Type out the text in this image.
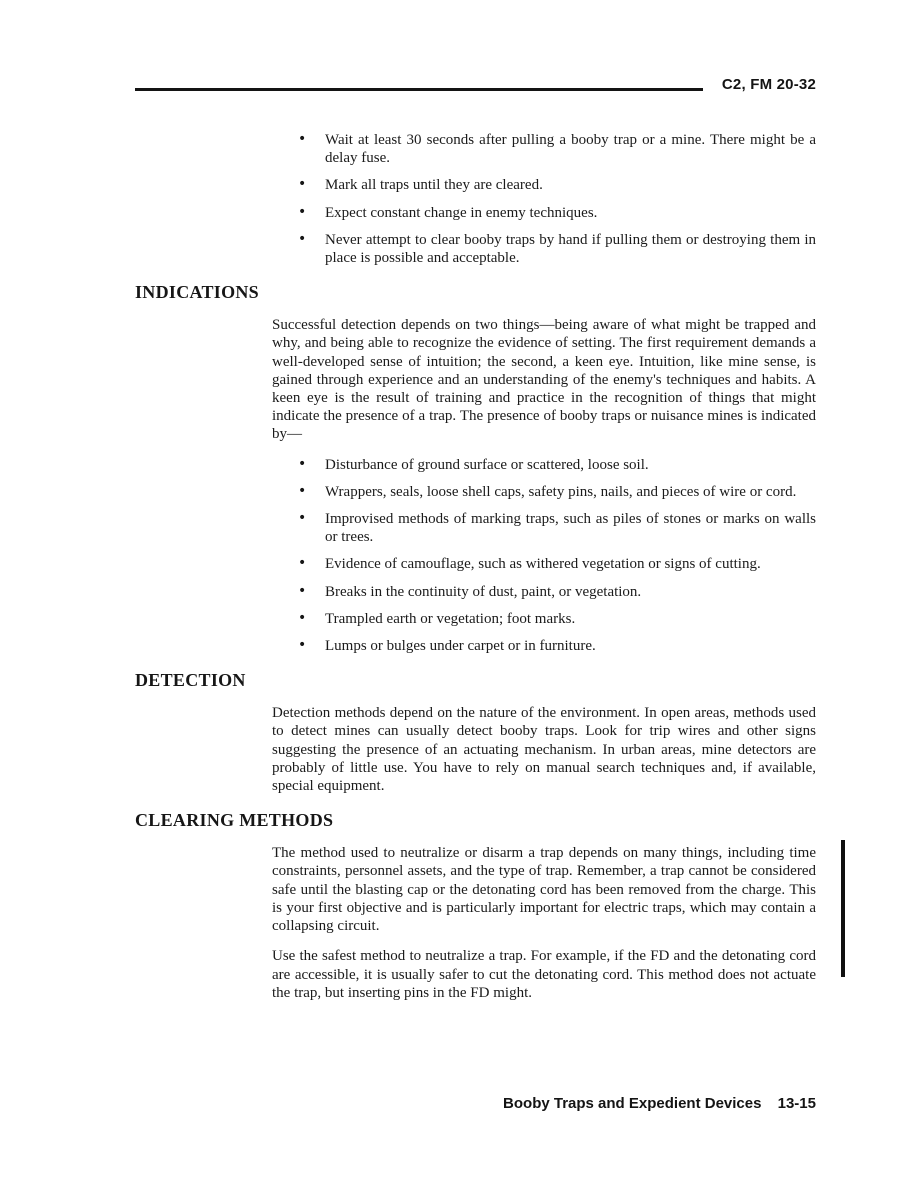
C2, FM 20-32
• Wait at least 30 seconds after pulling a booby trap or a mine. There might be a delay fuse.
• Mark all traps until they are cleared.
• Expect constant change in enemy techniques.
• Never attempt to clear booby traps by hand if pulling them or destroying them in place is possible and acceptable.
INDICATIONS

Successful detection depends on two things—being aware of what might be trapped and why, and being able to recognize the evidence of setting. The first requirement demands a well-developed sense of intuition; the second, a keen eye. Intuition, like mine sense, is gained through experience and an understanding of the enemy's techniques and habits. A keen eye is the result of training and practice in the recognition of things that might indicate the presence of a trap. The presence of booby traps or nuisance mines is indicated by—

• Disturbance of ground surface or scattered, loose soil.
• Wrappers, seals, loose shell caps, safety pins, nails, and pieces of wire or cord.
• Improvised methods of marking traps, such as piles of stones or marks on walls or trees.
• Evidence of camouflage, such as withered vegetation or signs of cutting.
• Breaks in the continuity of dust, paint, or vegetation.
• Trampled earth or vegetation; foot marks.
• Lumps or bulges under carpet or in furniture.
DETECTION

Detection methods depend on the nature of the environment. In open areas, methods used to detect mines can usually detect booby traps. Look for trip wires and other signs suggesting the presence of an actuating mechanism. In urban areas, mine detectors are probably of little use. You have to rely on manual search techniques and, if available, special equipment.

CLEARING METHODS

The method used to neutralize or disarm a trap depends on many things, including time constraints, personnel assets, and the type of trap. Remember, a trap cannot be considered safe until the blasting cap or the detonating cord has been removed from the charge. This is your first objective and is particularly important for electric traps, which may contain a collapsing circuit.

Use the safest method to neutralize a trap. For example, if the FD and the detonating cord are accessible, it is usually safer to cut the detonating cord. This method does not actuate the trap, but inserting pins in the FD might.

Booby Traps and Expedient Devices 13-15
